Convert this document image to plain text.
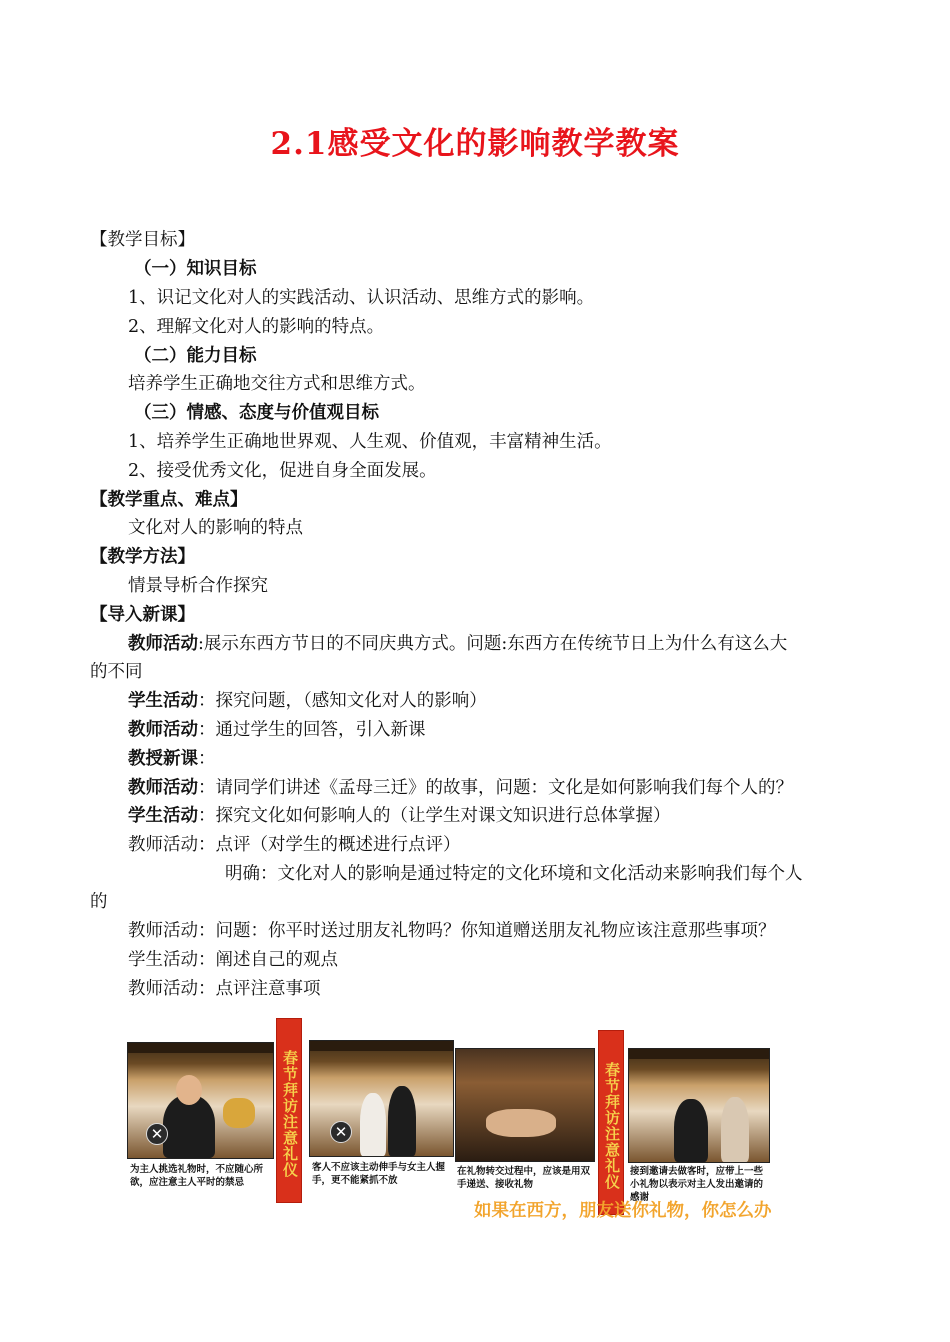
2.1感受文化的影响教学教案
【教学目标】
（一）知识目标
1、识记文化对人的实践活动、认识活动、思维方式的影响。
2、理解文化对人的影响的特点。
（二）能力目标
培养学生正确地交往方式和思维方式。
（三）情感、态度与价值观目标
1、培养学生正确地世界观、人生观、价值观，丰富精神生活。
2、接受优秀文化，促进自身全面发展。
【教学重点、难点】
文化对人的影响的特点
【教学方法】
情景导析合作探究
【导入新课】
教师活动:展示东西方节日的不同庆典方式。问题:东西方在传统节日上为什么有这么大
的不同
学生活动：探究问题，（感知文化对人的影响）
教师活动：通过学生的回答，引入新课
教授新课：
教师活动：请同学们讲述《孟母三迁》的故事，问题：文化是如何影响我们每个人的？
学生活动：探究文化如何影响人的（让学生对课文知识进行总体掌握）
教师活动：点评（对学生的概述进行点评）
明确：文化对人的影响是通过特定的文化环境和文化活动来影响我们每个人
的
教师活动：问题：你平时送过朋友礼物吗？你知道赠送朋友礼物应该注意那些事项？
学生活动：阐述自己的观点
教师活动：点评注意事项
✕	春节拜访注意礼仪	✕	春节拜访注意礼仪
为主人挑选礼物时，不应随心所欲，应注意主人平时的禁忌
客人不应该主动伸手与女主人握手，更不能紧抓不放
在礼物转交过程中，应该是用双手递送、接收礼物
接到邀请去做客时，应带上一些小礼物以表示对主人发出邀请的感谢
如果在西方，朋友送你礼物，你怎么办
